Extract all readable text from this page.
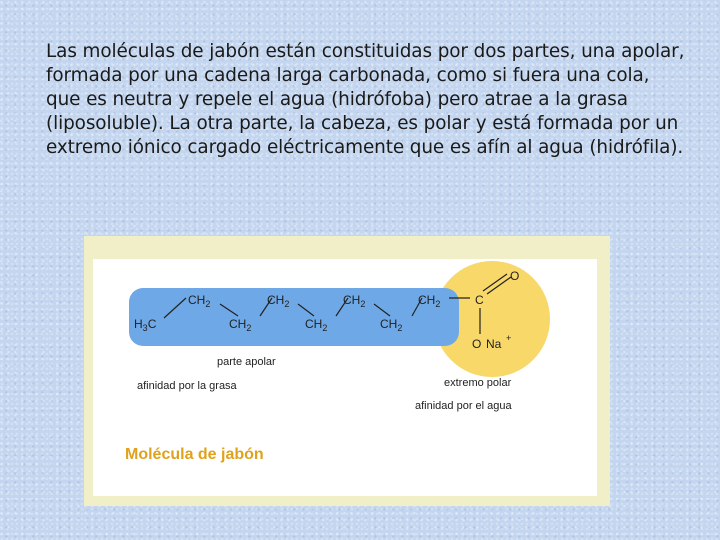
Las moléculas de jabón están constituidas por dos partes, una apolar, formada por una cadena larga carbonada, como si fuera una cola, que es neutra y repele el agua (hidrófoba) pero atrae a la grasa (liposoluble). La otra parte, la cabeza, es polar y está formada por un extremo iónico cargado eléctricamente que es afín al agua (hidrófila).

$H_3C$
$CH_2$	$CH_2$	$CH_2$	$CH_2$
$CH_2$	$CH_2$	$CH_2$
O
C
O Na +
parte apolar
afinidad por la grasa	extremo polar
afinidad por el agua
Molécula de jabón
